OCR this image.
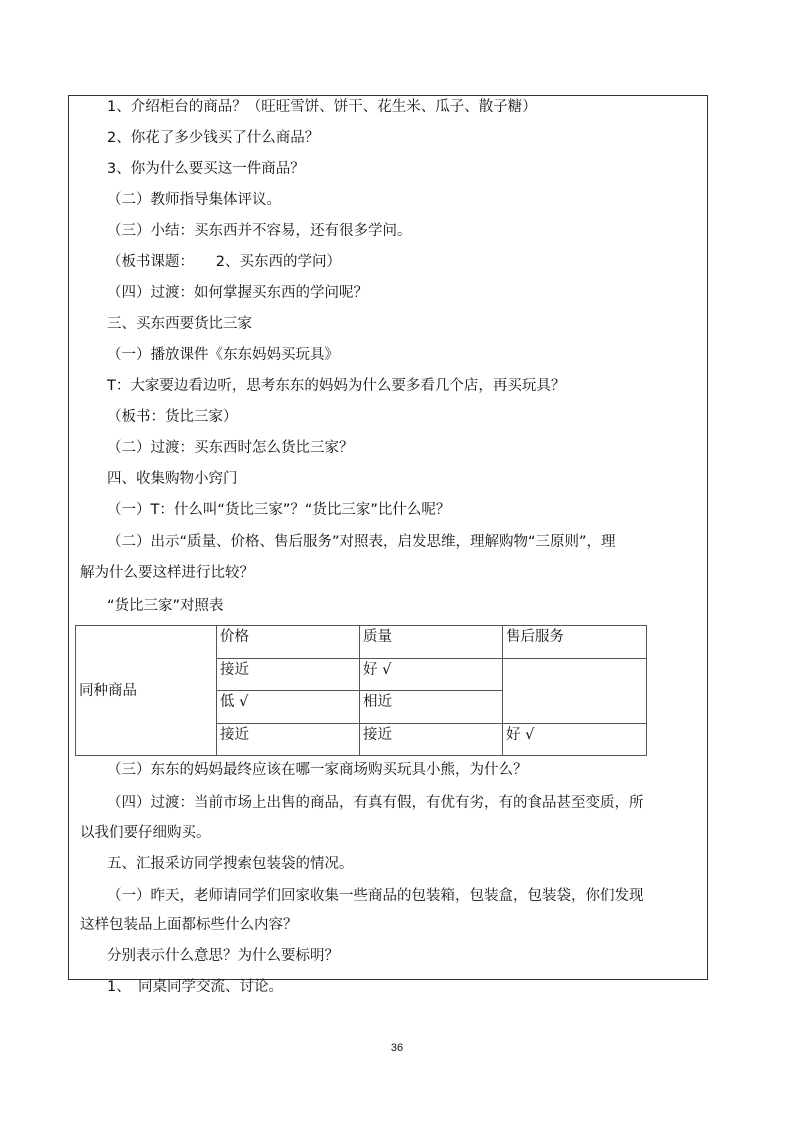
1、介绍柜台的商品？（旺旺雪饼、饼干、花生米、瓜子、散子糖）
2、你花了多少钱买了什么商品？
3、你为什么要买这一件商品？
（二）教师指导集体评议。
（三）小结：买东西并不容易，还有很多学问。
（板书课题：　　2、买东西的学问）
（四）过渡：如何掌握买东西的学问呢？
三、买东西要货比三家
（一）播放课件《东东妈妈买玩具》
T：大家要边看边听，思考东东的妈妈为什么要多看几个店，再买玩具？
（板书：货比三家）
（二）过渡：买东西时怎么货比三家？
四、收集购物小窍门
（一）T：什么叫“货比三家”？“货比三家”比什么呢？
（二）出示“质量、价格、售后服务”对照表，启发思维，理解购物“三原则”，理
解为什么要这样进行比较？
“货比三家”对照表
同种商品	价格	质量	售后服务
	接近	好 √	
	低 √	相近	
	接近	接近	好 √
（三）东东的妈妈最终应该在哪一家商场购买玩具小熊，为什么？
（四）过渡：当前市场上出售的商品，有真有假，有优有劣，有的食品甚至变质，所
以我们要仔细购买。
五、汇报采访同学搜索包装袋的情况。
（一）昨天，老师请同学们回家收集一些商品的包装箱，包装盒，包装袋，你们发现
这样包装品上面都标些什么内容？
分别表示什么意思？为什么要标明？
1、　同桌同学交流、讨论。
36
